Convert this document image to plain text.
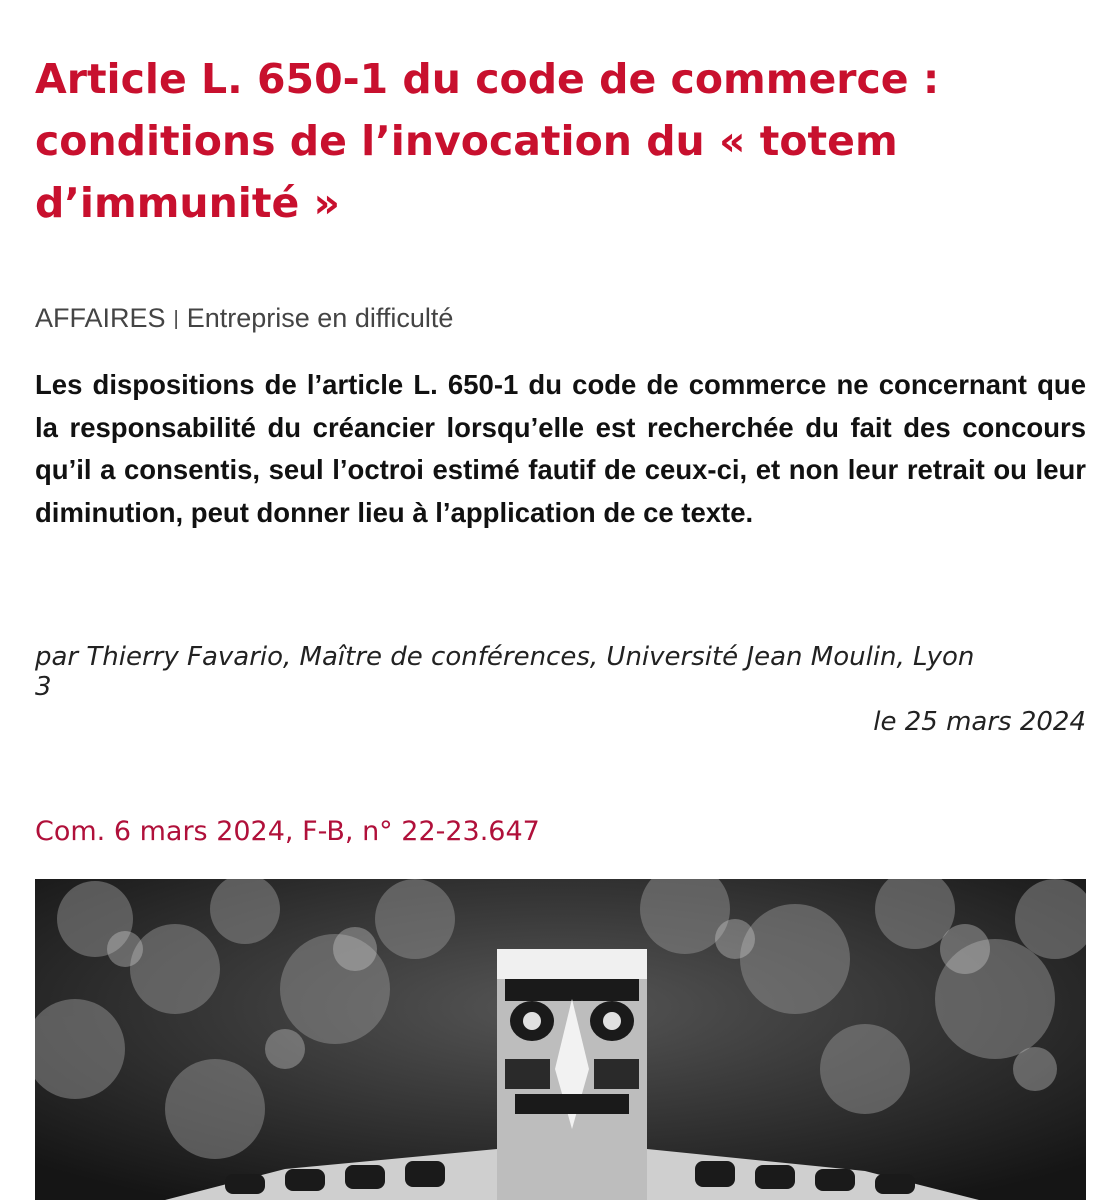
Article L. 650-1 du code de commerce : conditions de l’invocation du « totem d’immunité »
AFFAIRES | Entreprise en difficulté

Les dispositions de l’article L. 650-1 du code de commerce ne concernant que la responsabilité du créancier lorsqu’elle est recherchée du fait des concours qu’il a consentis, seul l’octroi estimé fautif de ceux-ci, et non leur retrait ou leur diminution, peut donner lieu à l’application de ce texte.

par Thierry Favario, Maître de conférences, Université Jean Moulin, Lyon 3

le 25 mars 2024
Com. 6 mars 2024, F-B, n° 22-23.647
